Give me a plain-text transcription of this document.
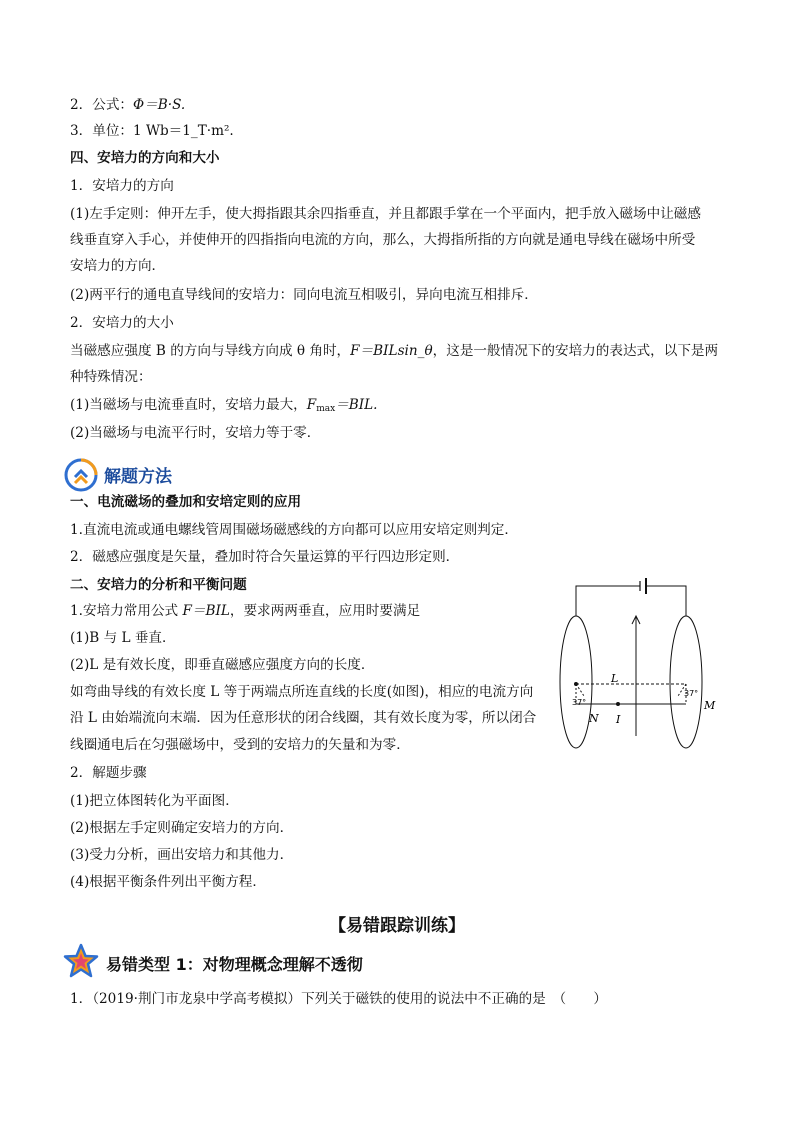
2．公式：Φ＝B·S.
3．单位：1 Wb＝1_T·m².
四、安培力的方向和大小
1．安培力的方向
(1)左手定则：伸开左手，使大拇指跟其余四指垂直，并且都跟手掌在一个平面内，把手放入磁场中让磁感
线垂直穿入手心，并使伸开的四指指向电流的方向，那么，大拇指所指的方向就是通电导线在磁场中所受
安培力的方向．
(2)两平行的通电直导线间的安培力：同向电流互相吸引，异向电流互相排斥．
2．安培力的大小
当磁感应强度 B 的方向与导线方向成 θ 角时，F＝BILsin_θ，这是一般情况下的安培力的表达式，以下是两
种特殊情况：
(1)当磁场与电流垂直时，安培力最大，$F_{max}=BIL$.
(2)当磁场与电流平行时，安培力等于零．
解题方法
一、电流磁场的叠加和安培定则的应用
1.直流电流或通电螺线管周围磁场磁感线的方向都可以应用安培定则判定．
2．磁感应强度是矢量，叠加时符合矢量运算的平行四边形定则．
二、安培力的分析和平衡问题
1.安培力常用公式 F＝BIL，要求两两垂直，应用时要满足
(1)B 与 L 垂直．
(2)L 是有效长度，即垂直磁感应强度方向的长度．
如弯曲导线的有效长度 L 等于两端点所连直线的长度(如图)，相应的电流方向
沿 L 由始端流向末端．因为任意形状的闭合线圈，其有效长度为零，所以闭合
线圈通电后在匀强磁场中，受到的安培力的矢量和为零．
2．解题步骤
(1)把立体图转化为平面图．
(2)根据左手定则确定安培力的方向．
(3)受力分析，画出安培力和其他力．
(4)根据平衡条件列出平衡方程．
L
I
N
M
37°
37°
【易错跟踪训练】
易错类型 1：对物理概念理解不透彻
1．（2019·荆门市龙泉中学高考模拟）下列关于磁铁的使用的说法中不正确的是　（　　）
